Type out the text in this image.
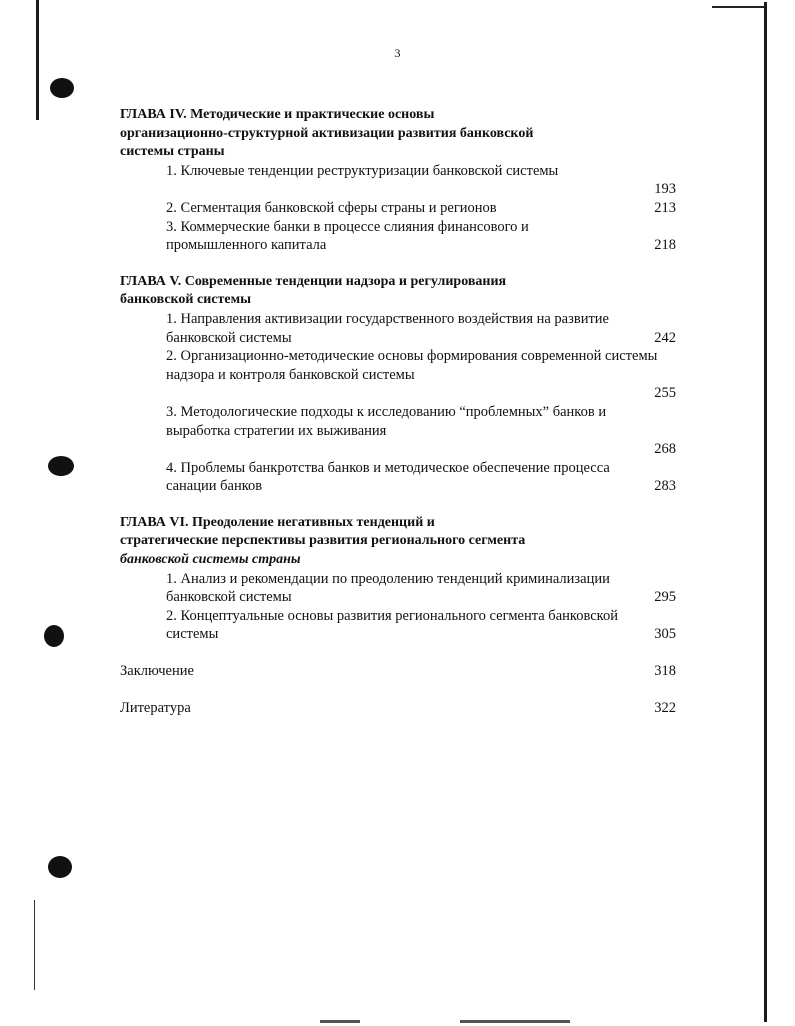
3
ГЛАВА IV. Методические и практические основы
организационно-структурной активизации развития банковской
системы страны
1. Ключевые тенденции реструктуризации банковской системы
193
2. Сегментация банковской сферы страны и регионов	213
3. Коммерческие банки в процессе слияния финансового и промышленного капитала	218
ГЛАВА V. Современные тенденции надзора и регулирования
банковской системы
1. Направления активизации государственного воздействия на развитие банковской системы	242
2. Организационно-методические основы формирования современной системы надзора и контроля банковской системы
255
3. Методологические подходы к исследованию “проблемных” банков и выработка стратегии их выживания
268
4. Проблемы банкротства банков и методическое обеспечение процесса санации банков	283
ГЛАВА VI. Преодоление негативных тенденций и
стратегические перспективы развития регионального сегмента
банковской системы страны
1. Анализ и рекомендации по преодолению тенденций криминализации банковской системы	295
2. Концептуальные основы развития регионального сегмента банковской системы	305
Заключение	318
Литература	322
